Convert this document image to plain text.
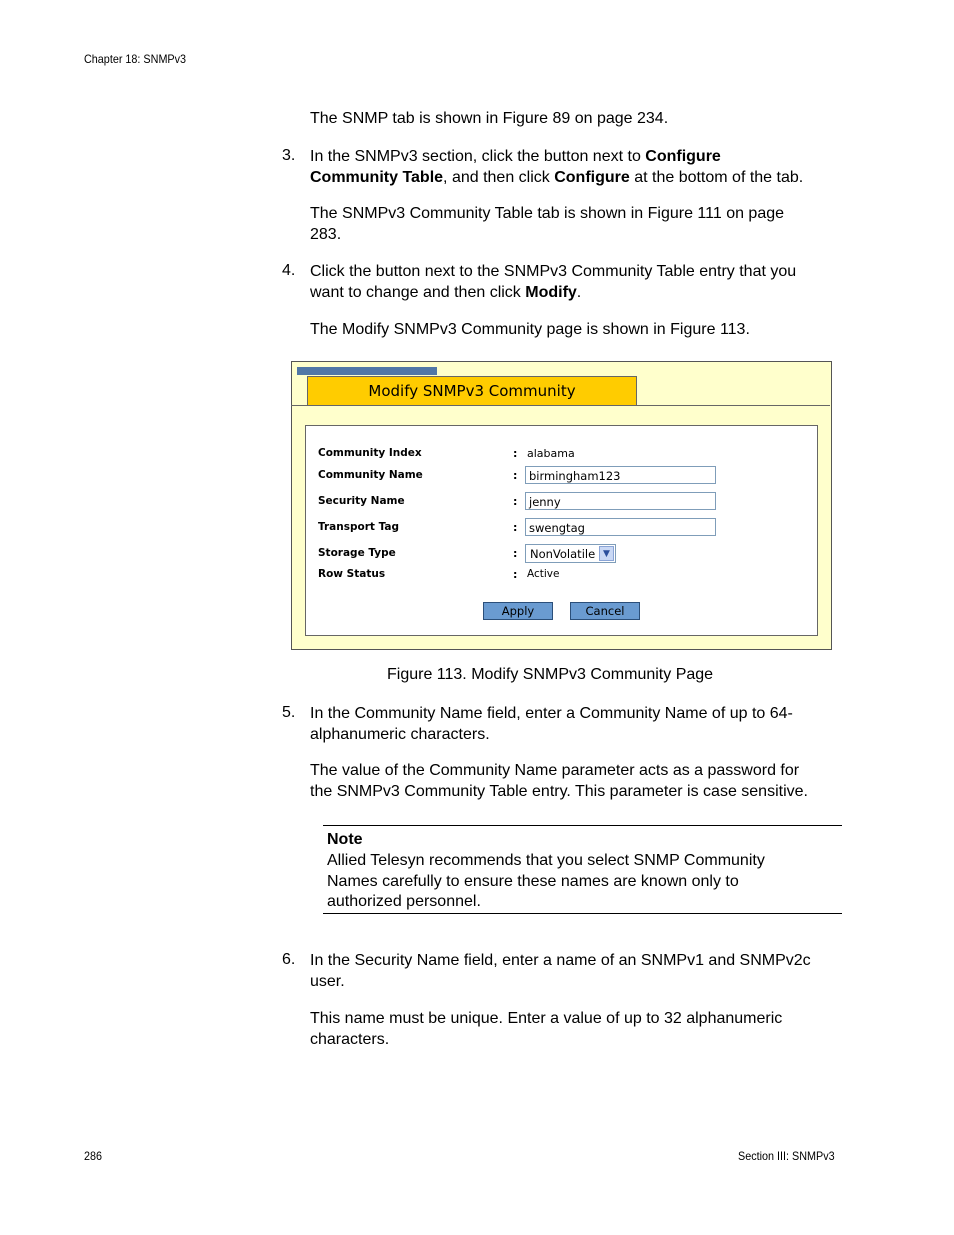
Chapter 18: SNMPv3
The SNMP tab is shown in Figure 89 on page 234.
3. In the SNMPv3 section, click the button next to Configure
Community Table, and then click Configure at the bottom of the tab.
The SNMPv3 Community Table tab is shown in Figure 111 on page
283.
4. Click the button next to the SNMPv3 Community Table entry that you
want to change and then click Modify.
The Modify SNMPv3 Community page is shown in Figure 113.
Modify SNMPv3 Community
Community Index	: alabama
Community Name	:	birmingham123
Security Name	:	jenny
Transport Tag	:	swengtag
Storage Type	:	NonVolatile ▼
Row Status	: Active
Apply	Cancel
Figure 113. Modify SNMPv3 Community Page
5. In the Community Name field, enter a Community Name of up to 64-
alphanumeric characters.
The value of the Community Name parameter acts as a password for
the SNMPv3 Community Table entry. This parameter is case sensitive.
Note
Allied Telesyn recommends that you select SNMP Community
Names carefully to ensure these names are known only to
authorized personnel.
6. In the Security Name field, enter a name of an SNMPv1 and SNMPv2c
user.
This name must be unique. Enter a value of up to 32 alphanumeric
characters.
286	Section III: SNMPv3
